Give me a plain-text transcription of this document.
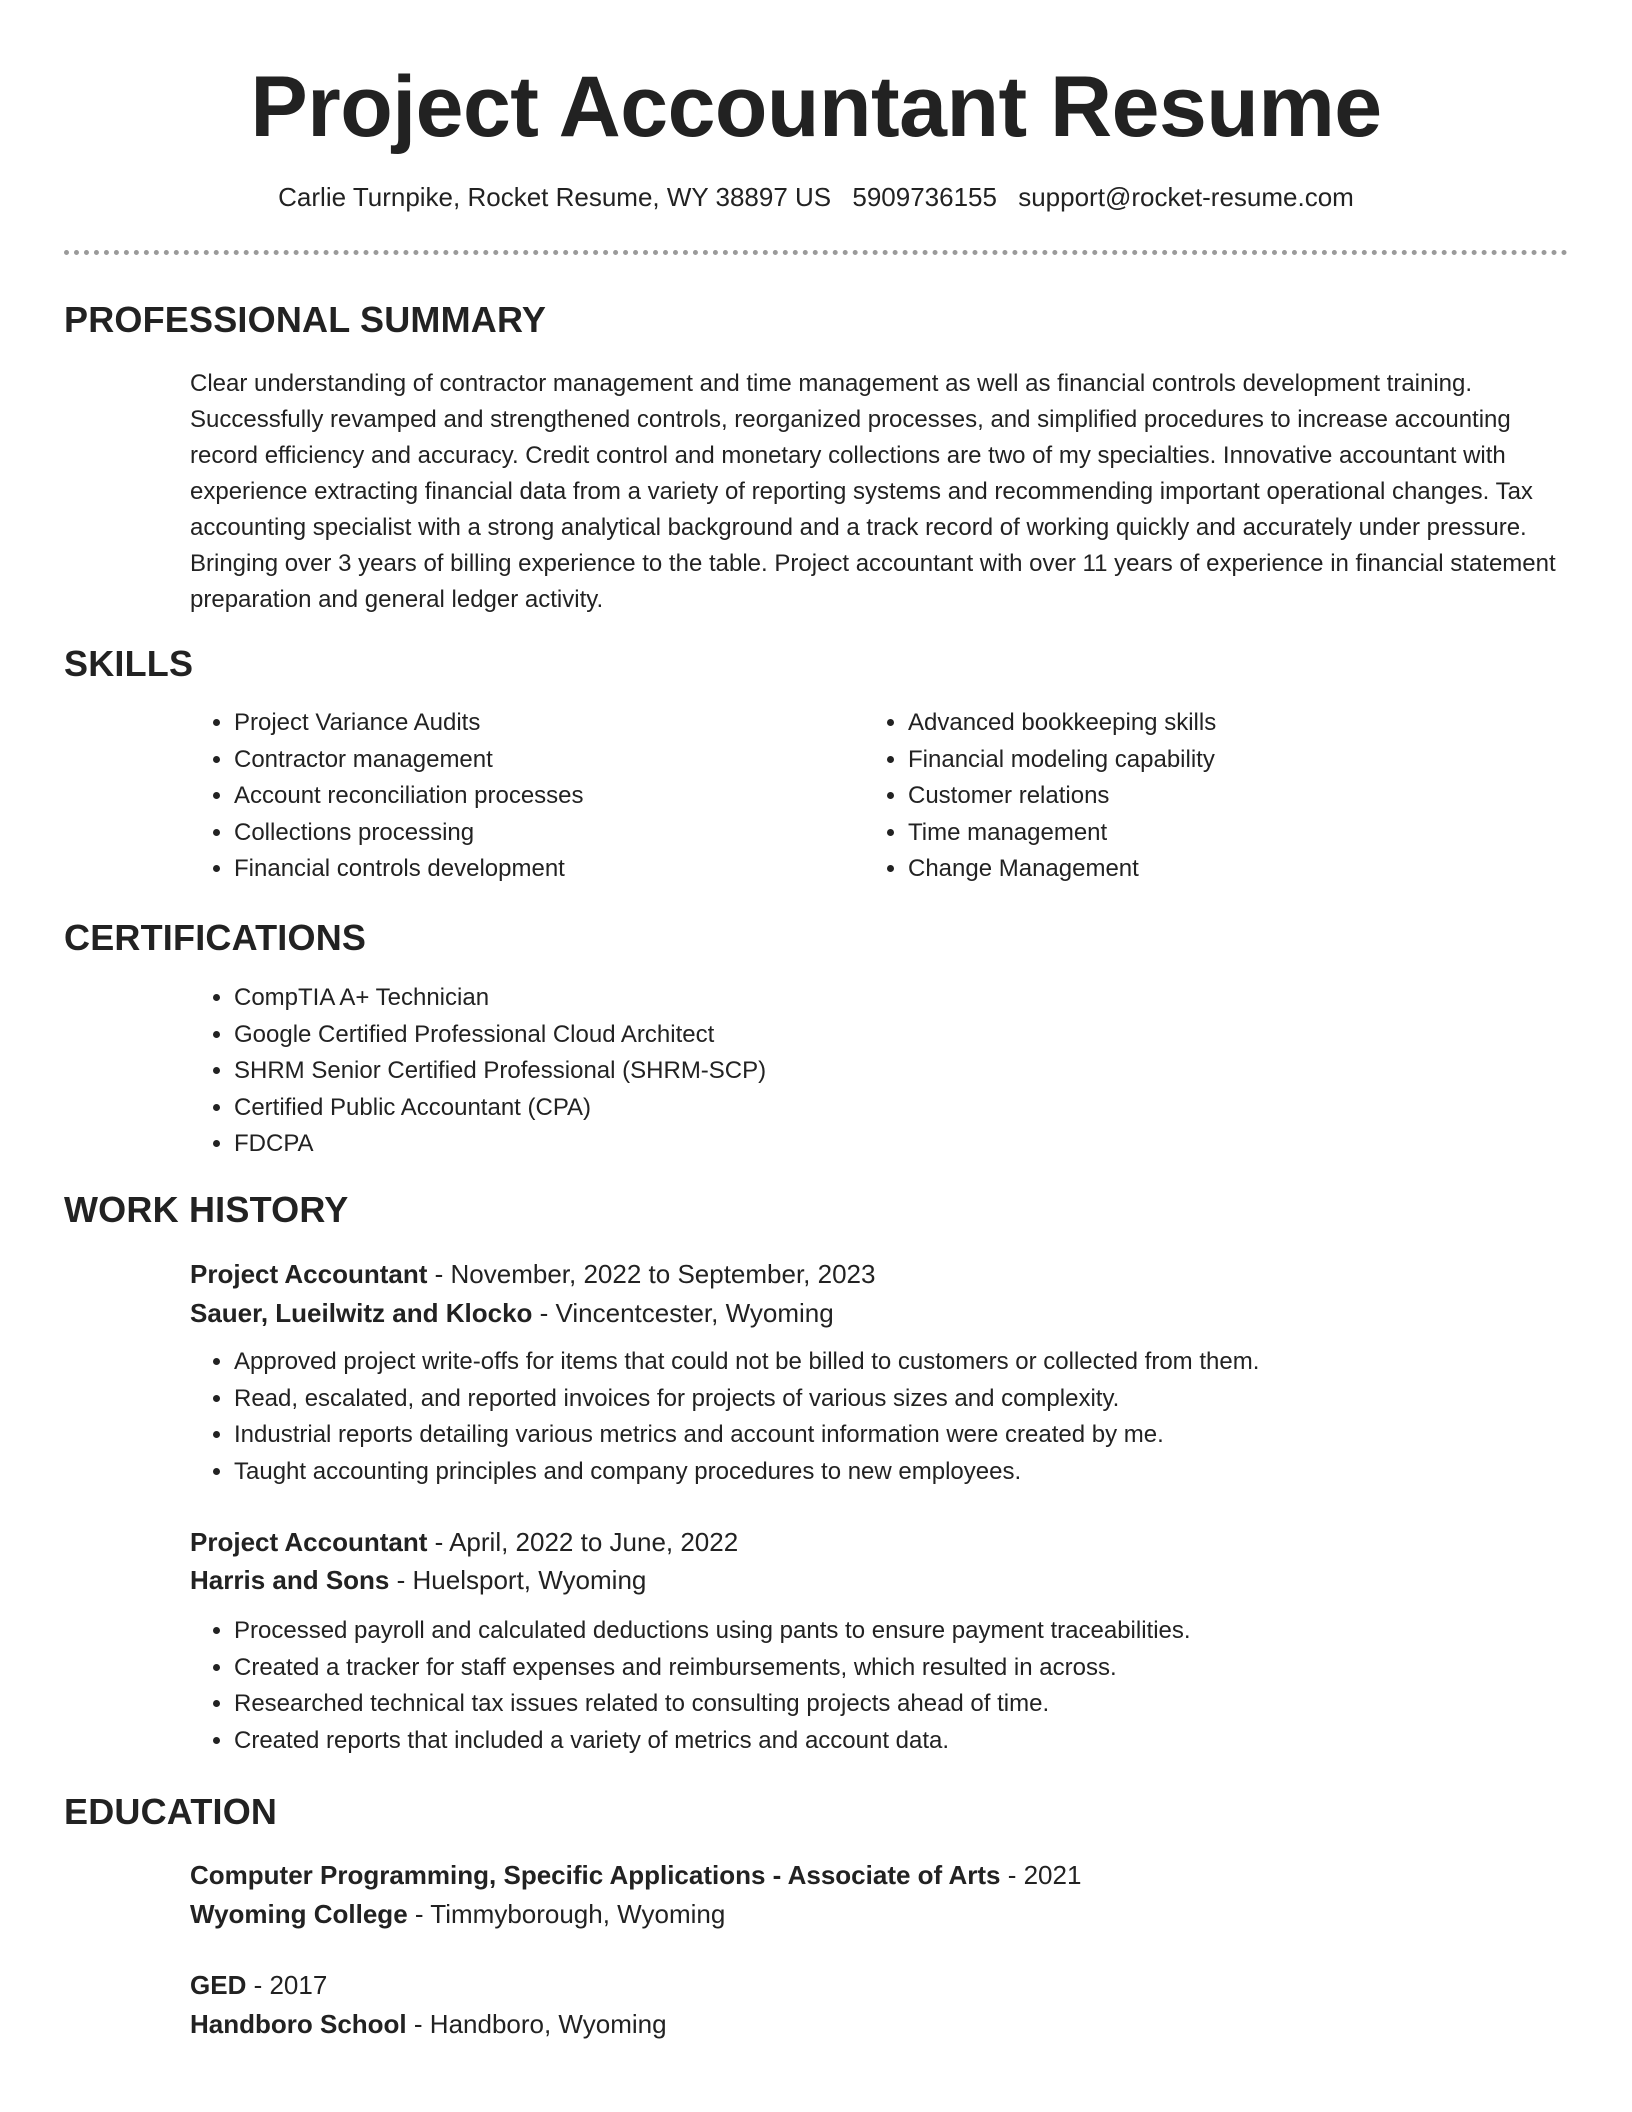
Project Accountant Resume
Carlie Turnpike, Rocket Resume, WY 38897 US 5909736155 support@rocket-resume.com
PROFESSIONAL SUMMARY

Clear understanding of contractor management and time management as well as financial controls development training. Successfully revamped and strengthened controls, reorganized processes, and simplified procedures to increase accounting record efficiency and accuracy. Credit control and monetary collections are two of my specialties. Innovative accountant with experience extracting financial data from a variety of reporting systems and recommending important operational changes. Tax accounting specialist with a strong analytical background and a track record of working quickly and accurately under pressure. Bringing over 3 years of billing experience to the table. Project accountant with over 11 years of experience in financial statement preparation and general ledger activity.

SKILLS
• Project Variance Audits
• Contractor management
• Account reconciliation processes
• Collections processing
• Financial controls development
• Advanced bookkeeping skills
• Financial modeling capability
• Customer relations
• Time management
• Change Management
CERTIFICATIONS
• CompTIA A+ Technician
• Google Certified Professional Cloud Architect
• SHRM Senior Certified Professional (SHRM-SCP)
• Certified Public Accountant (CPA)
• FDCPA
WORK HISTORY
Project Accountant - November, 2022 to September, 2023
Sauer, Lueilwitz and Klocko - Vincentcester, Wyoming
• Approved project write-offs for items that could not be billed to customers or collected from them.
• Read, escalated, and reported invoices for projects of various sizes and complexity.
• Industrial reports detailing various metrics and account information were created by me.
• Taught accounting principles and company procedures to new employees.
Project Accountant - April, 2022 to June, 2022
Harris and Sons - Huelsport, Wyoming
• Processed payroll and calculated deductions using pants to ensure payment traceabilities.
• Created a tracker for staff expenses and reimbursements, which resulted in across.
• Researched technical tax issues related to consulting projects ahead of time.
• Created reports that included a variety of metrics and account data.
EDUCATION
Computer Programming, Specific Applications - Associate of Arts - 2021
Wyoming College - Timmyborough, Wyoming
GED - 2017
Handboro School - Handboro, Wyoming
